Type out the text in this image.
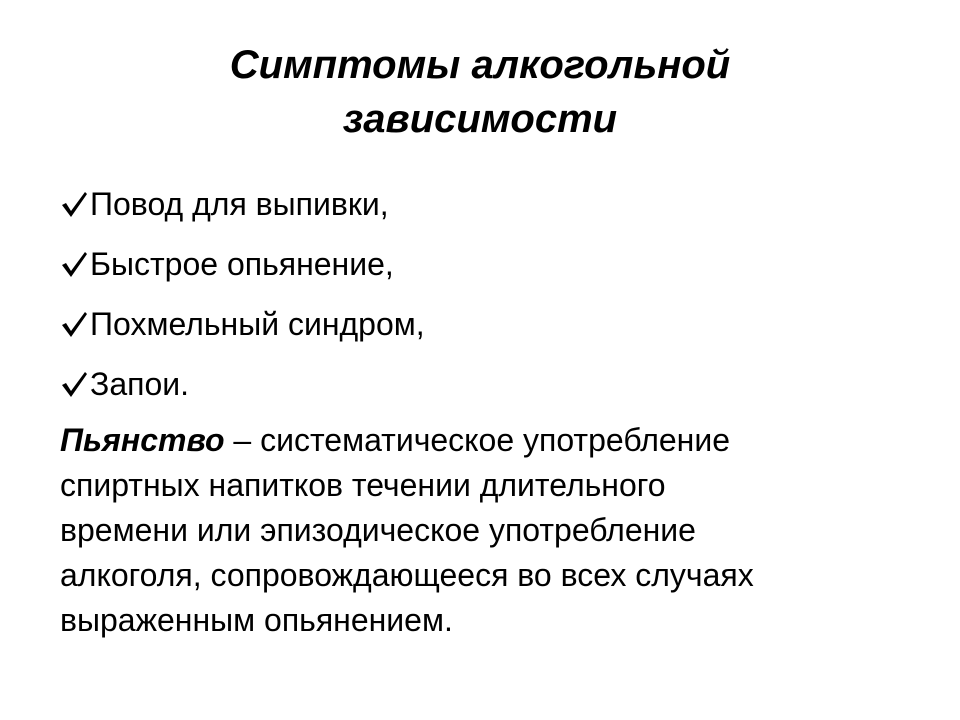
Симптомы алкогольной
зависимости
Повод для выпивки,
Быстрое опьянение,
Похмельный синдром,
Запои.

Пьянство – систематическое употребление
спиртных напитков течении длительного
времени или эпизодическое употребление
алкоголя, сопровождающееся во всех случаях
выраженным опьянением.
